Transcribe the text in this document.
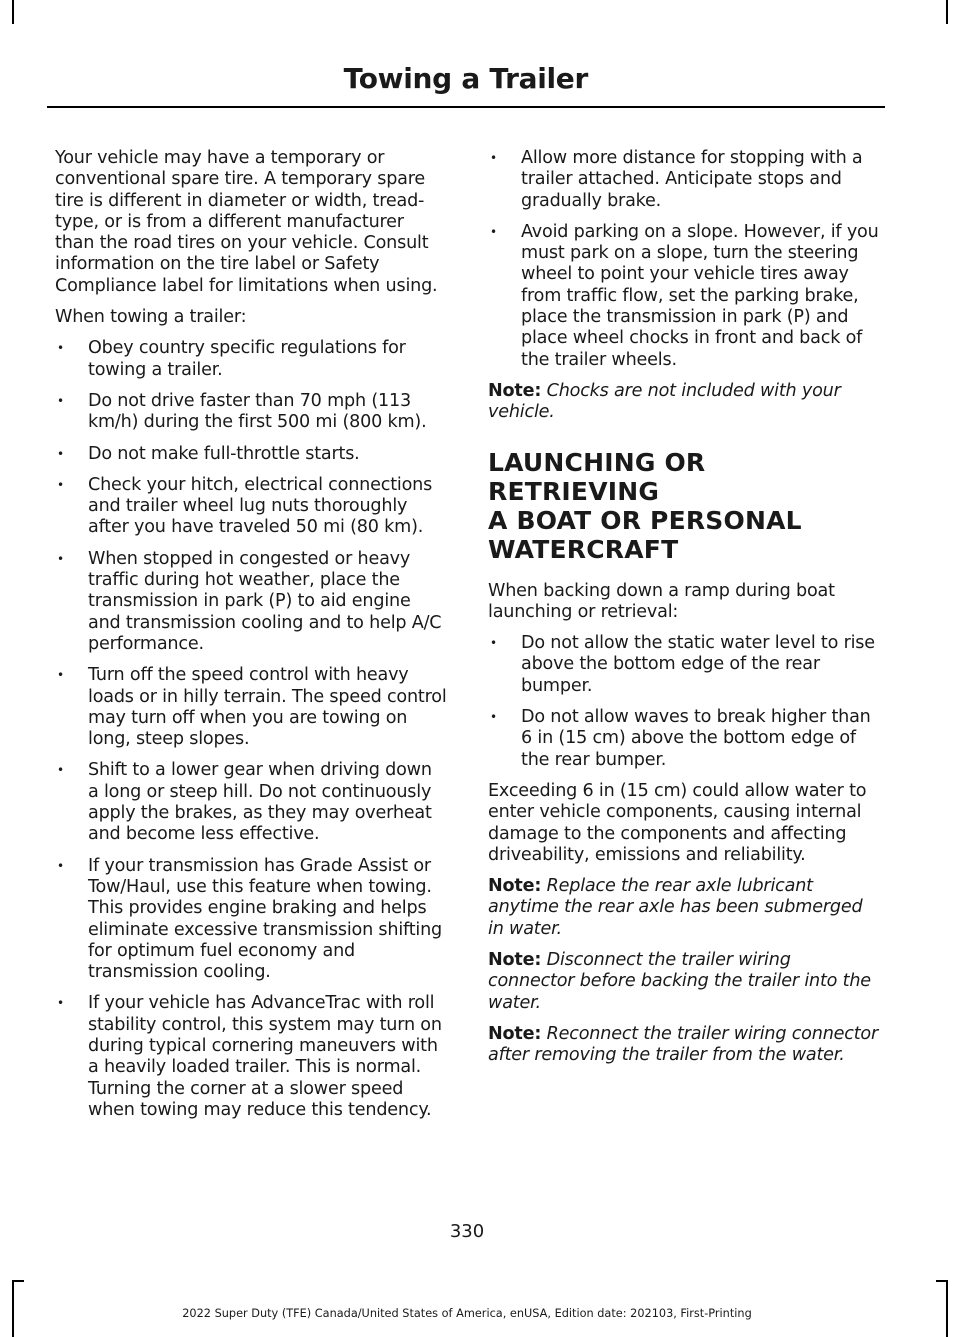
Towing a Trailer

Your vehicle may have a temporary or conventional spare tire. A temporary spare tire is different in diameter or width, tread-type, or is from a different manufacturer than the road tires on your vehicle. Consult information on the tire label or Safety Compliance label for limitations when using.

When towing a trailer:

• Obey country specific regulations for towing a trailer.
• Do not drive faster than 70 mph (113 km/h) during the first 500 mi (800 km).
• Do not make full-throttle starts.
• Check your hitch, electrical connections and trailer wheel lug nuts thoroughly after you have traveled 50 mi (80 km).
• When stopped in congested or heavy traffic during hot weather, place the transmission in park (P) to aid engine and transmission cooling and to help A/C performance.
• Turn off the speed control with heavy loads or in hilly terrain. The speed control may turn off when you are towing on long, steep slopes.
• Shift to a lower gear when driving down a long or steep hill. Do not continuously apply the brakes, as they may overheat and become less effective.
• If your transmission has Grade Assist or Tow/Haul, use this feature when towing. This provides engine braking and helps eliminate excessive transmission shifting for optimum fuel economy and transmission cooling.
• If your vehicle has AdvanceTrac with roll stability control, this system may turn on during typical cornering maneuvers with a heavily loaded trailer. This is normal. Turning the corner at a slower speed when towing may reduce this tendency.
• Allow more distance for stopping with a trailer attached. Anticipate stops and gradually brake.
• Avoid parking on a slope. However, if you must park on a slope, turn the steering wheel to point your vehicle tires away from traffic flow, set the parking brake, place the transmission in park (P) and place wheel chocks in front and back of the trailer wheels.

Note: Chocks are not included with your vehicle.

LAUNCHING OR RETRIEVING
A BOAT OR PERSONAL
WATERCRAFT

When backing down a ramp during boat launching or retrieval:

• Do not allow the static water level to rise above the bottom edge of the rear bumper.
• Do not allow waves to break higher than 6 in (15 cm) above the bottom edge of the rear bumper.

Exceeding 6 in (15 cm) could allow water to enter vehicle components, causing internal damage to the components and affecting driveability, emissions and reliability.

Note: Replace the rear axle lubricant anytime the rear axle has been submerged in water.

Note: Disconnect the trailer wiring connector before backing the trailer into the water.

Note: Reconnect the trailer wiring connector after removing the trailer from the water.

330
2022 Super Duty (TFE) Canada/United States of America, enUSA, Edition date: 202103, First-Printing
